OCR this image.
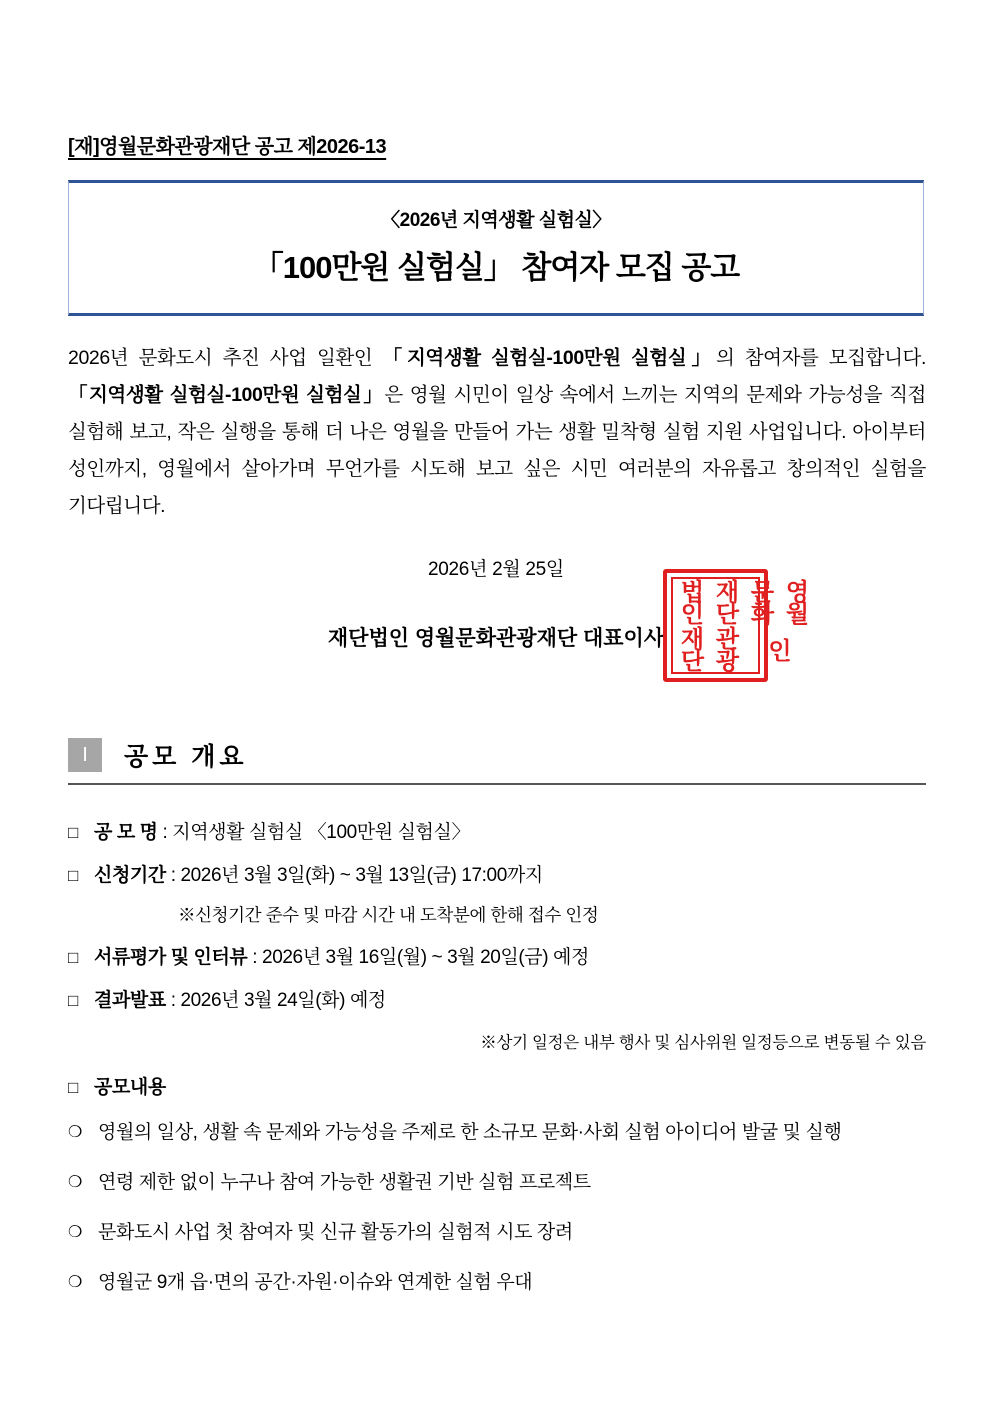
[재]영월문화관광재단 공고 제2026-13
〈2026년 지역생활 실험실〉
「100만원 실험실」 참여자 모집 공고
2026년 문화도시 추진 사업 일환인 「지역생활 실험실-100만원 실험실」의 참여자를 모집합니다. 「지역생활 실험실-100만원 실험실」은 영월 시민이 일상 속에서 느끼는 지역의 문제와 가능성을 직접 실험해 보고, 작은 실행을 통해 더 나은 영월을 만들어 가는 생활 밀착형 실험 지원 사업입니다. 아이부터 성인까지, 영월에서 살아가며 무언가를 시도해 보고 싶은 시민 여러분의 자유롭고 창의적인 실험을 기다립니다.
2026년 2월 25일
재단법인 영월문화관광재단 대표이사
재단법인	영월문화
관광재단	인
Ⅰ	공모 개요
□ 공 모 명 : 지역생활 실험실 〈100만원 실험실〉
□ 신청기간 : 2026년 3월 3일(화) ~ 3월 13일(금) 17:00까지
※신청기간 준수 및 마감 시간 내 도착분에 한해 접수 인정
□ 서류평가 및 인터뷰 : 2026년 3월 16일(월) ~ 3월 20일(금) 예정
□ 결과발표 : 2026년 3월 24일(화) 예정
※상기 일정은 내부 행사 및 심사위원 일정등으로 변동될 수 있음
□ 공모내용
❍ 영월의 일상, 생활 속 문제와 가능성을 주제로 한 소규모 문화·사회 실험 아이디어 발굴 및 실행
❍ 연령 제한 없이 누구나 참여 가능한 생활권 기반 실험 프로젝트
❍ 문화도시 사업 첫 참여자 및 신규 활동가의 실험적 시도 장려
❍ 영월군 9개 읍·면의 공간·자원·이슈와 연계한 실험 우대
